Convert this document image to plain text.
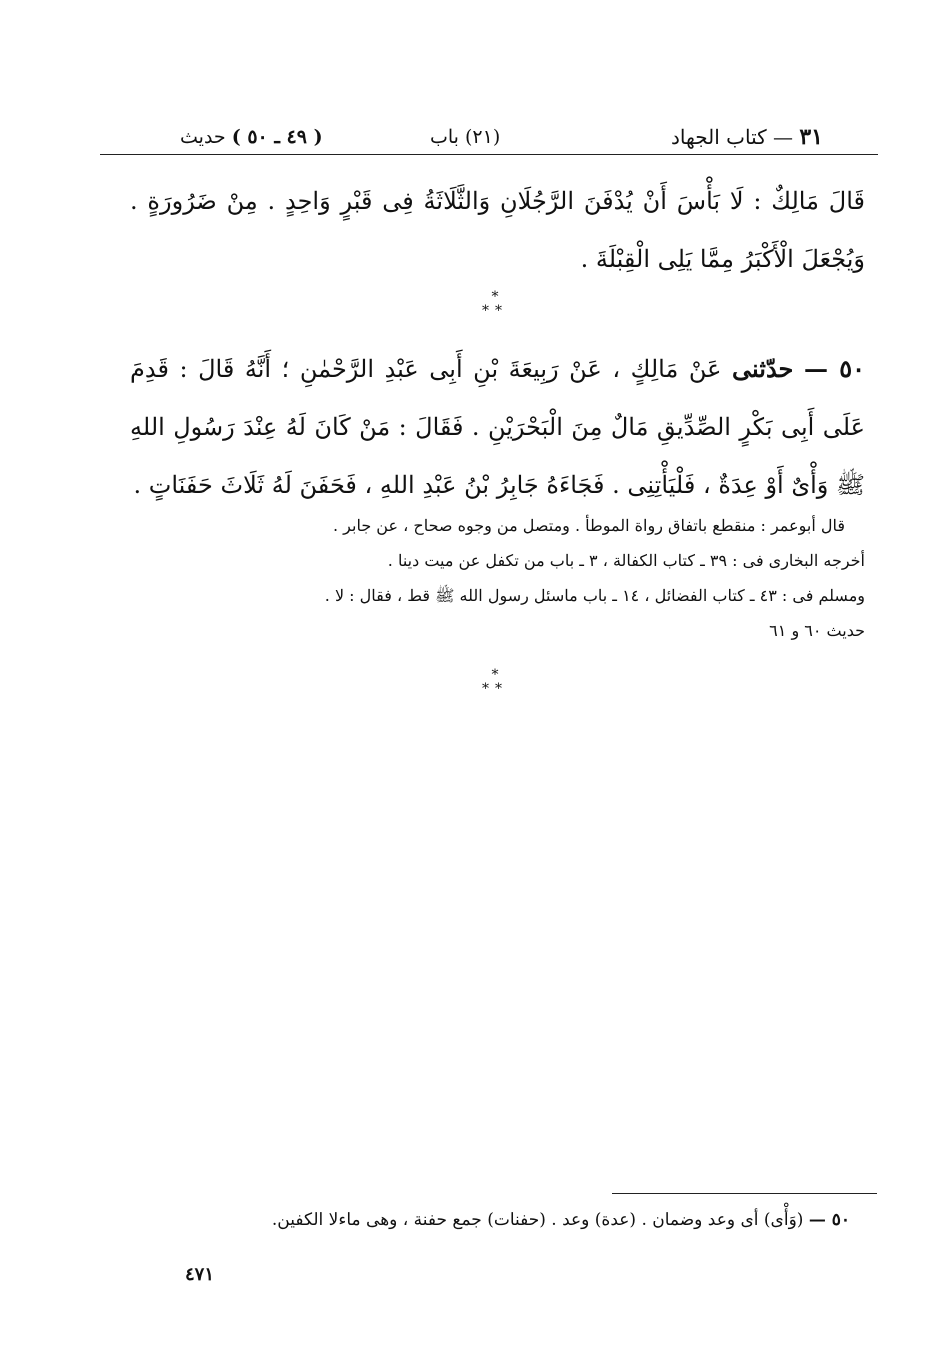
٣١ — كتاب الجهاد
(٢١) باب
( ٤٩ ـ ٥٠ ) حديث
قَالَ مَالِكٌ : لَا بَأْسَ أَنْ يُدْفَنَ الرَّجُلَانِ وَالثَّلَاثَةُ فِى قَبْرٍ وَاحِدٍ . مِنْ ضَرُورَةٍ . وَيُجْعَلَ الْأَكْبَرُ مِمَّا يَلِى الْقِبْلَةَ .
*
**
٥٠ — حدّثنى عَنْ مَالِكٍ ، عَنْ رَبِيعَةَ بْنِ أَبِى عَبْدِ الرَّحْمٰنِ ؛ أَنَّهُ قَالَ : قَدِمَ عَلَى أَبِى بَكْرٍ الصِّدِّيقِ مَالٌ مِنَ الْبَحْرَيْنِ . فَقَالَ : مَنْ كَانَ لَهُ عِنْدَ رَسُولِ اللهِ ﷺ وَأْىٌ أَوْ عِدَةٌ ، فَلْيَأْتِنِى . فَجَاءَهُ جَابِرُ بْنُ عَبْدِ اللهِ ، فَحَفَنَ لَهُ ثَلَاثَ حَفَنَاتٍ .
قال أبوعمر : منقطع باتفاق رواة الموطأ . ومتصل من وجوه صحاح ، عن جابر .
أخرجه البخارى فى : ٣٩ ـ كتاب الكفالة ، ٣ ـ باب من تكفل عن ميت دينا .
ومسلم فى : ٤٣ ـ كتاب الفضائل ، ١٤ ـ باب ماسئل رسول الله ﷺ قط ، فقال : لا .
حديث ٦٠ و ٦١
*
**
٥٠ — (وَأْى) أى وعد وضمان . (عدة) وعد . (حفنات) جمع حفنة ، وهى ماءلا الكفين.
٤٧١
